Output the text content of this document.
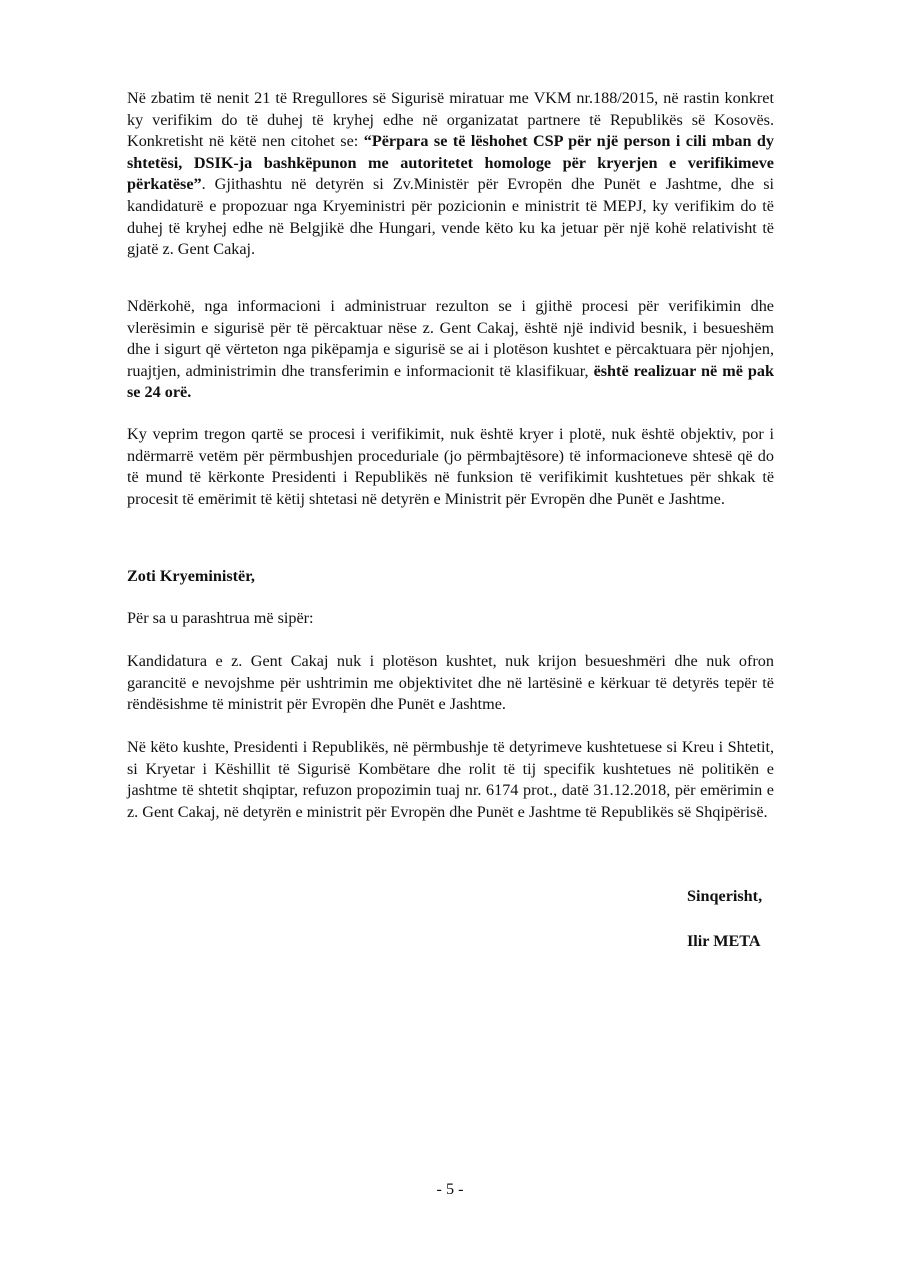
Në zbatim të nenit 21 të Rregullores së Sigurisë miratuar me VKM nr.188/2015, në rastin konkret ky verifikim do të duhej të kryhej edhe në organizatat partnere të Republikës së Kosovës. Konkretisht në këtë nen citohet se: “Përpara se të lëshohet CSP për një person i cili mban dy shtetësi, DSIK-ja bashkëpunon me autoritetet homologe për kryerjen e verifikimeve përkatëse”. Gjithashtu në detyrën si Zv.Ministër për Evropën dhe Punët e Jashtme, dhe si kandidaturë e propozuar nga Kryeministri për pozicionin e ministrit të MEPJ, ky verifikim do të duhej të kryhej edhe në Belgjikë dhe Hungari, vende këto ku ka jetuar për një kohë relativisht të gjatë z. Gent Cakaj.

Ndërkohë, nga informacioni i administruar rezulton se i gjithë procesi për verifikimin dhe vlerësimin e sigurisë për të përcaktuar nëse z. Gent Cakaj, është një individ besnik, i besueshëm dhe i sigurt që vërteton nga pikëpamja e sigurisë se ai i plotëson kushtet e përcaktuara për njohjen, ruajtjen, administrimin dhe transferimin e informacionit të klasifikuar, është realizuar në më pak se 24 orë.

Ky veprim tregon qartë se procesi i verifikimit, nuk është kryer i plotë, nuk është objektiv, por i ndërmarrë vetëm për përmbushjen proceduriale (jo përmbajtësore) të informacioneve shtesë që do të mund të kërkonte Presidenti i Republikës në funksion të verifikimit kushtetues për shkak të procesit të emërimit të këtij shtetasi në detyrën e Ministrit për Evropën dhe Punët e Jashtme.

Zoti Kryeministër,

Për sa u parashtrua më sipër:

Kandidatura e z. Gent Cakaj nuk i plotëson kushtet, nuk krijon besueshmëri dhe nuk ofron garancitë e nevojshme për ushtrimin me objektivitet dhe në lartësinë e kërkuar të detyrës tepër të rëndësishme të ministrit për Evropën dhe Punët e Jashtme.

Në këto kushte, Presidenti i Republikës, në përmbushje të detyrimeve kushtetuese si Kreu i Shtetit, si Kryetar i Këshillit të Sigurisë Kombëtare dhe rolit të tij specifik kushtetues në politikën e jashtme të shtetit shqiptar, refuzon propozimin tuaj nr. 6174 prot., datë 31.12.2018, për emërimin e z. Gent Cakaj, në detyrën e ministrit për Evropën dhe Punët e Jashtme të Republikës së Shqipërisë.

Sinqerisht,

Ilir META

- 5 -
